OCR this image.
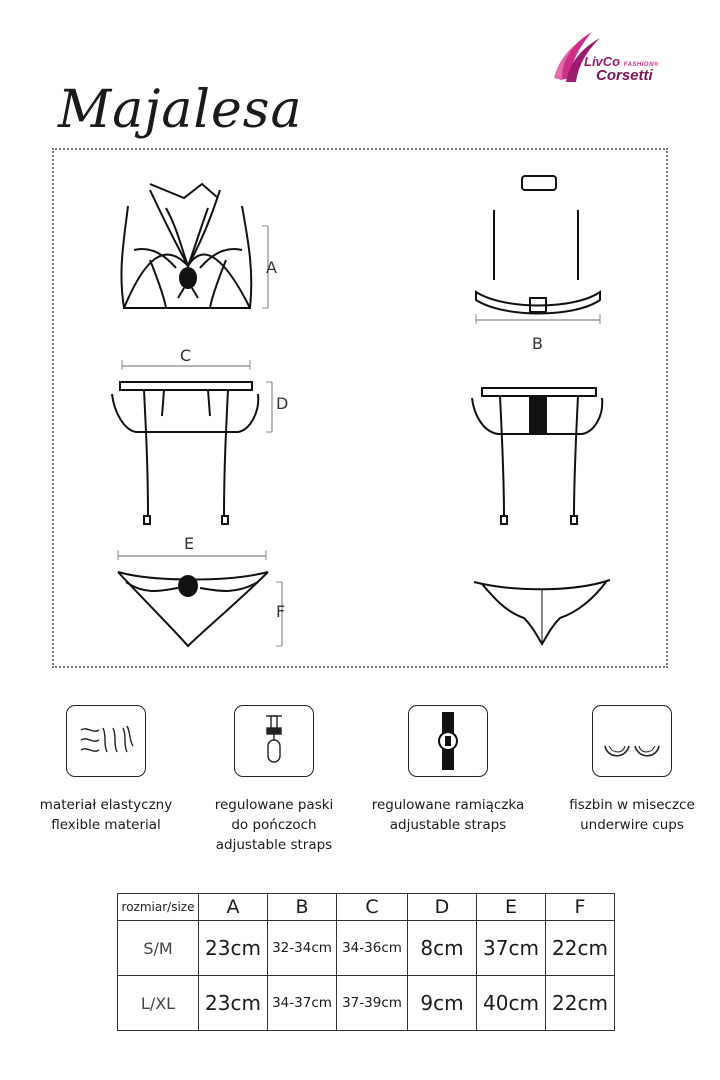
LivCo FASHION®
Corsetti
Majalesa
A
B
C
D
E
F
materiał elastyczny
flexible material
regulowane paski
do pończoch
adjustable straps
regulowane ramiączka
adjustable straps
fiszbin w miseczce
underwire cups
rozmiar/size	A	B	C	D	E	F
S/M	23cm	32-34cm	34-36cm	8cm	37cm	22cm
L/XL	23cm	34-37cm	37-39cm	9cm	40cm	22cm
